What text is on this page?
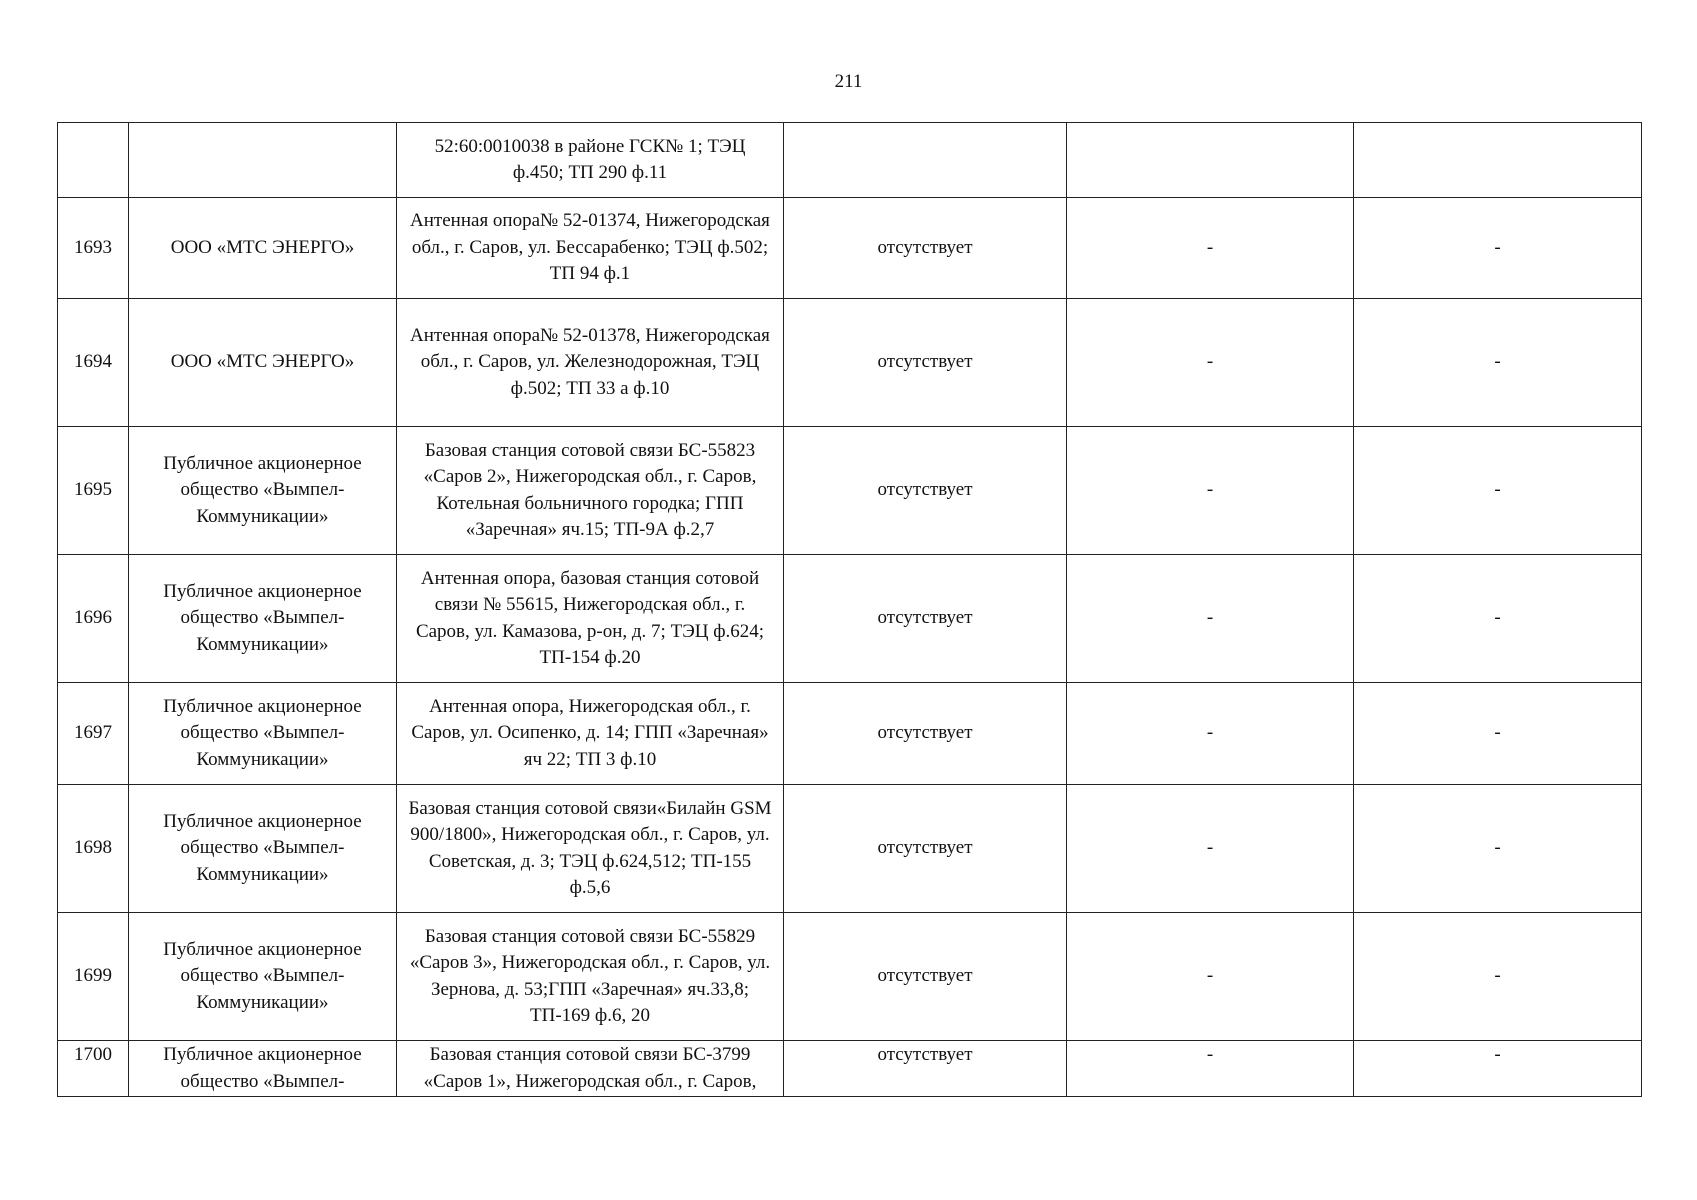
211
		52:60:0010038 в районе ГСК№ 1; ТЭЦ ф.450; ТП 290 ф.11			
1693	ООО «МТС ЭНЕРГО»	Антенная опора№ 52-01374, Нижегородская обл., г. Саров, ул. Бессарабенко; ТЭЦ ф.502; ТП 94 ф.1	отсутствует	-	-
1694	ООО «МТС ЭНЕРГО»	Антенная опора№ 52-01378, Нижегородская обл., г. Саров, ул. Железнодорожная, ТЭЦ ф.502; ТП 33 а ф.10	отсутствует	-	-
1695	Публичное акционерное общество «Вымпел-Коммуникации»	Базовая станция сотовой связи БС-55823 «Саров 2», Нижегородская обл., г. Саров, Котельная больничного городка; ГПП «Заречная» яч.15; ТП-9А ф.2,7	отсутствует	-	-
1696	Публичное акционерное общество «Вымпел-Коммуникации»	Антенная опора, базовая станция сотовой связи № 55615, Нижегородская обл., г. Саров, ул. Камазова, р-он, д. 7; ТЭЦ ф.624; ТП-154 ф.20	отсутствует	-	-
1697	Публичное акционерное общество «Вымпел-Коммуникации»	Антенная опора, Нижегородская обл., г. Саров, ул. Осипенко, д. 14; ГПП «Заречная» яч 22; ТП 3 ф.10	отсутствует	-	-
1698	Публичное акционерное общество «Вымпел-Коммуникации»	Базовая станция сотовой связи«Билайн GSM 900/1800», Нижегородская обл., г. Саров, ул. Советская, д. 3; ТЭЦ ф.624,512; ТП-155 ф.5,6	отсутствует	-	-
1699	Публичное акционерное общество «Вымпел-Коммуникации»	Базовая станция сотовой связи БС-55829 «Саров 3», Нижегородская обл., г. Саров, ул. Зернова, д. 53;ГПП «Заречная» яч.33,8; ТП-169 ф.6, 20	отсутствует	-	-
1700	Публичное акционерное общество «Вымпел-	Базовая станция сотовой связи БС-3799 «Саров 1», Нижегородская обл., г. Саров,	отсутствует	-	-
